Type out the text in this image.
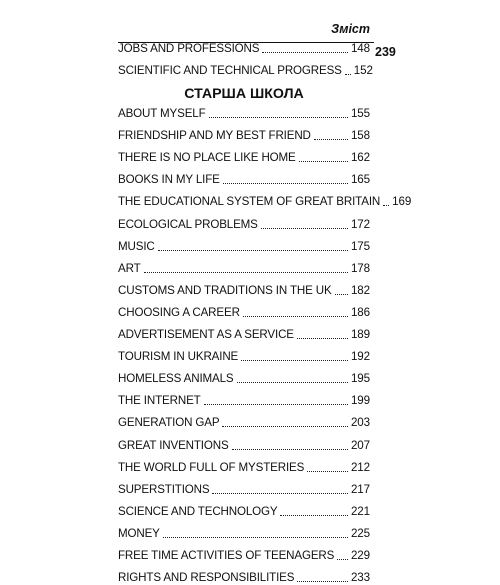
Зміст
239
JOBS AND PROFESSIONS	148
SCIENTIFIC AND TECHNICAL PROGRESS 152
СТАРША ШКОЛА
ABOUT MYSELF	155
FRIENDSHIP AND MY BEST FRIEND	158
THERE IS NO PLACE LIKE HOME	162
BOOKS IN MY LIFE	165
THE EDUCATIONAL SYSTEM OF GREAT BRITAIN 169
ECOLOGICAL PROBLEMS	172
MUSIC	175
ART	178
CUSTOMS AND TRADITIONS IN THE UK 182
CHOOSING A CAREER	186
ADVERTISEMENT AS A SERVICE	189
TOURISM IN UKRAINE	192
HOMELESS ANIMALS	195
THE INTERNET	199
GENERATION GAP	203
GREAT INVENTIONS	207
THE WORLD FULL OF MYSTERIES	212
SUPERSTITIONS	217
SCIENCE AND TECHNOLOGY	221
MONEY	225
FREE TIME ACTIVITIES OF TEENAGERS 229
RIGHTS AND RESPONSIBILITIES	233
